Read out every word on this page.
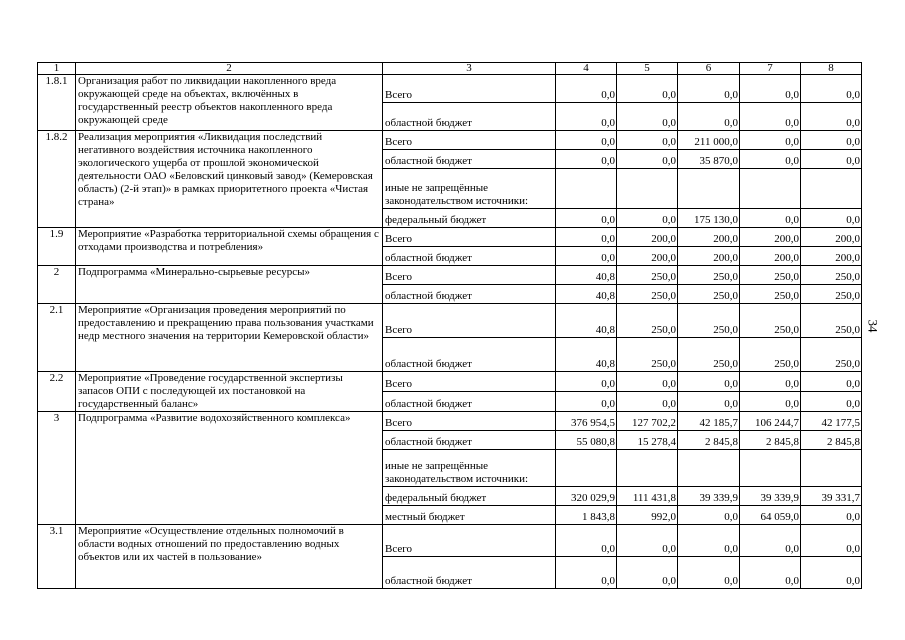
1	2	3	4	5	6	7	8
1.8.1	Организация работ по ликвидации накопленного вреда окружающей среде на объектах, включённых в государственный реестр объектов накопленного вреда окружающей среде	Всего	0,0	0,0	0,0	0,0	0,0
		областной бюджет	0,0	0,0	0,0	0,0	0,0
1.8.2	Реализация мероприятия «Ликвидация последствий негативного воздействия источника накопленного экологического ущерба от прошлой экономической деятельности ОАО «Беловский цинковый завод» (Кемеровская область) (2-й этап)» в рамках приоритетного проекта «Чистая страна»	Всего	0,0	0,0	211 000,0	0,0	0,0
		областной бюджет	0,0	0,0	35 870,0	0,0	0,0
		иные не запрещённые законодательством источники:					
		федеральный бюджет	0,0	0,0	175 130,0	0,0	0,0
1.9	Мероприятие «Разработка территориальной схемы обращения с отходами производства и потребления»	Всего	0,0	200,0	200,0	200,0	200,0
		областной бюджет	0,0	200,0	200,0	200,0	200,0
2	Подпрограмма «Минерально-сырьевые ресурсы»	Всего	40,8	250,0	250,0	250,0	250,0
		областной бюджет	40,8	250,0	250,0	250,0	250,0
2.1	Мероприятие «Организация проведения мероприятий по предоставлению и прекращению права пользования участками недр местного значения на территории Кемеровской области»	Всего	40,8	250,0	250,0	250,0	250,0
		областной бюджет	40,8	250,0	250,0	250,0	250,0
2.2	Мероприятие «Проведение государственной экспертизы запасов ОПИ с последующей их постановкой на государственный баланс»	Всего	0,0	0,0	0,0	0,0	0,0
		областной бюджет	0,0	0,0	0,0	0,0	0,0
3	Подпрограмма «Развитие водохозяйственного комплекса»	Всего	376 954,5	127 702,2	42 185,7	106 244,7	42 177,5
		областной бюджет	55 080,8	15 278,4	2 845,8	2 845,8	2 845,8
		иные не запрещённые законодательством источники:					
		федеральный бюджет	320 029,9	111 431,8	39 339,9	39 339,9	39 331,7
		местный бюджет	1 843,8	992,0	0,0	64 059,0	0,0
3.1	Мероприятие «Осуществление отдельных полномочий в области водных отношений по предоставлению водных объектов или их частей в пользование»	Всего	0,0	0,0	0,0	0,0	0,0
		областной бюджет	0,0	0,0	0,0	0,0	0,0
34
